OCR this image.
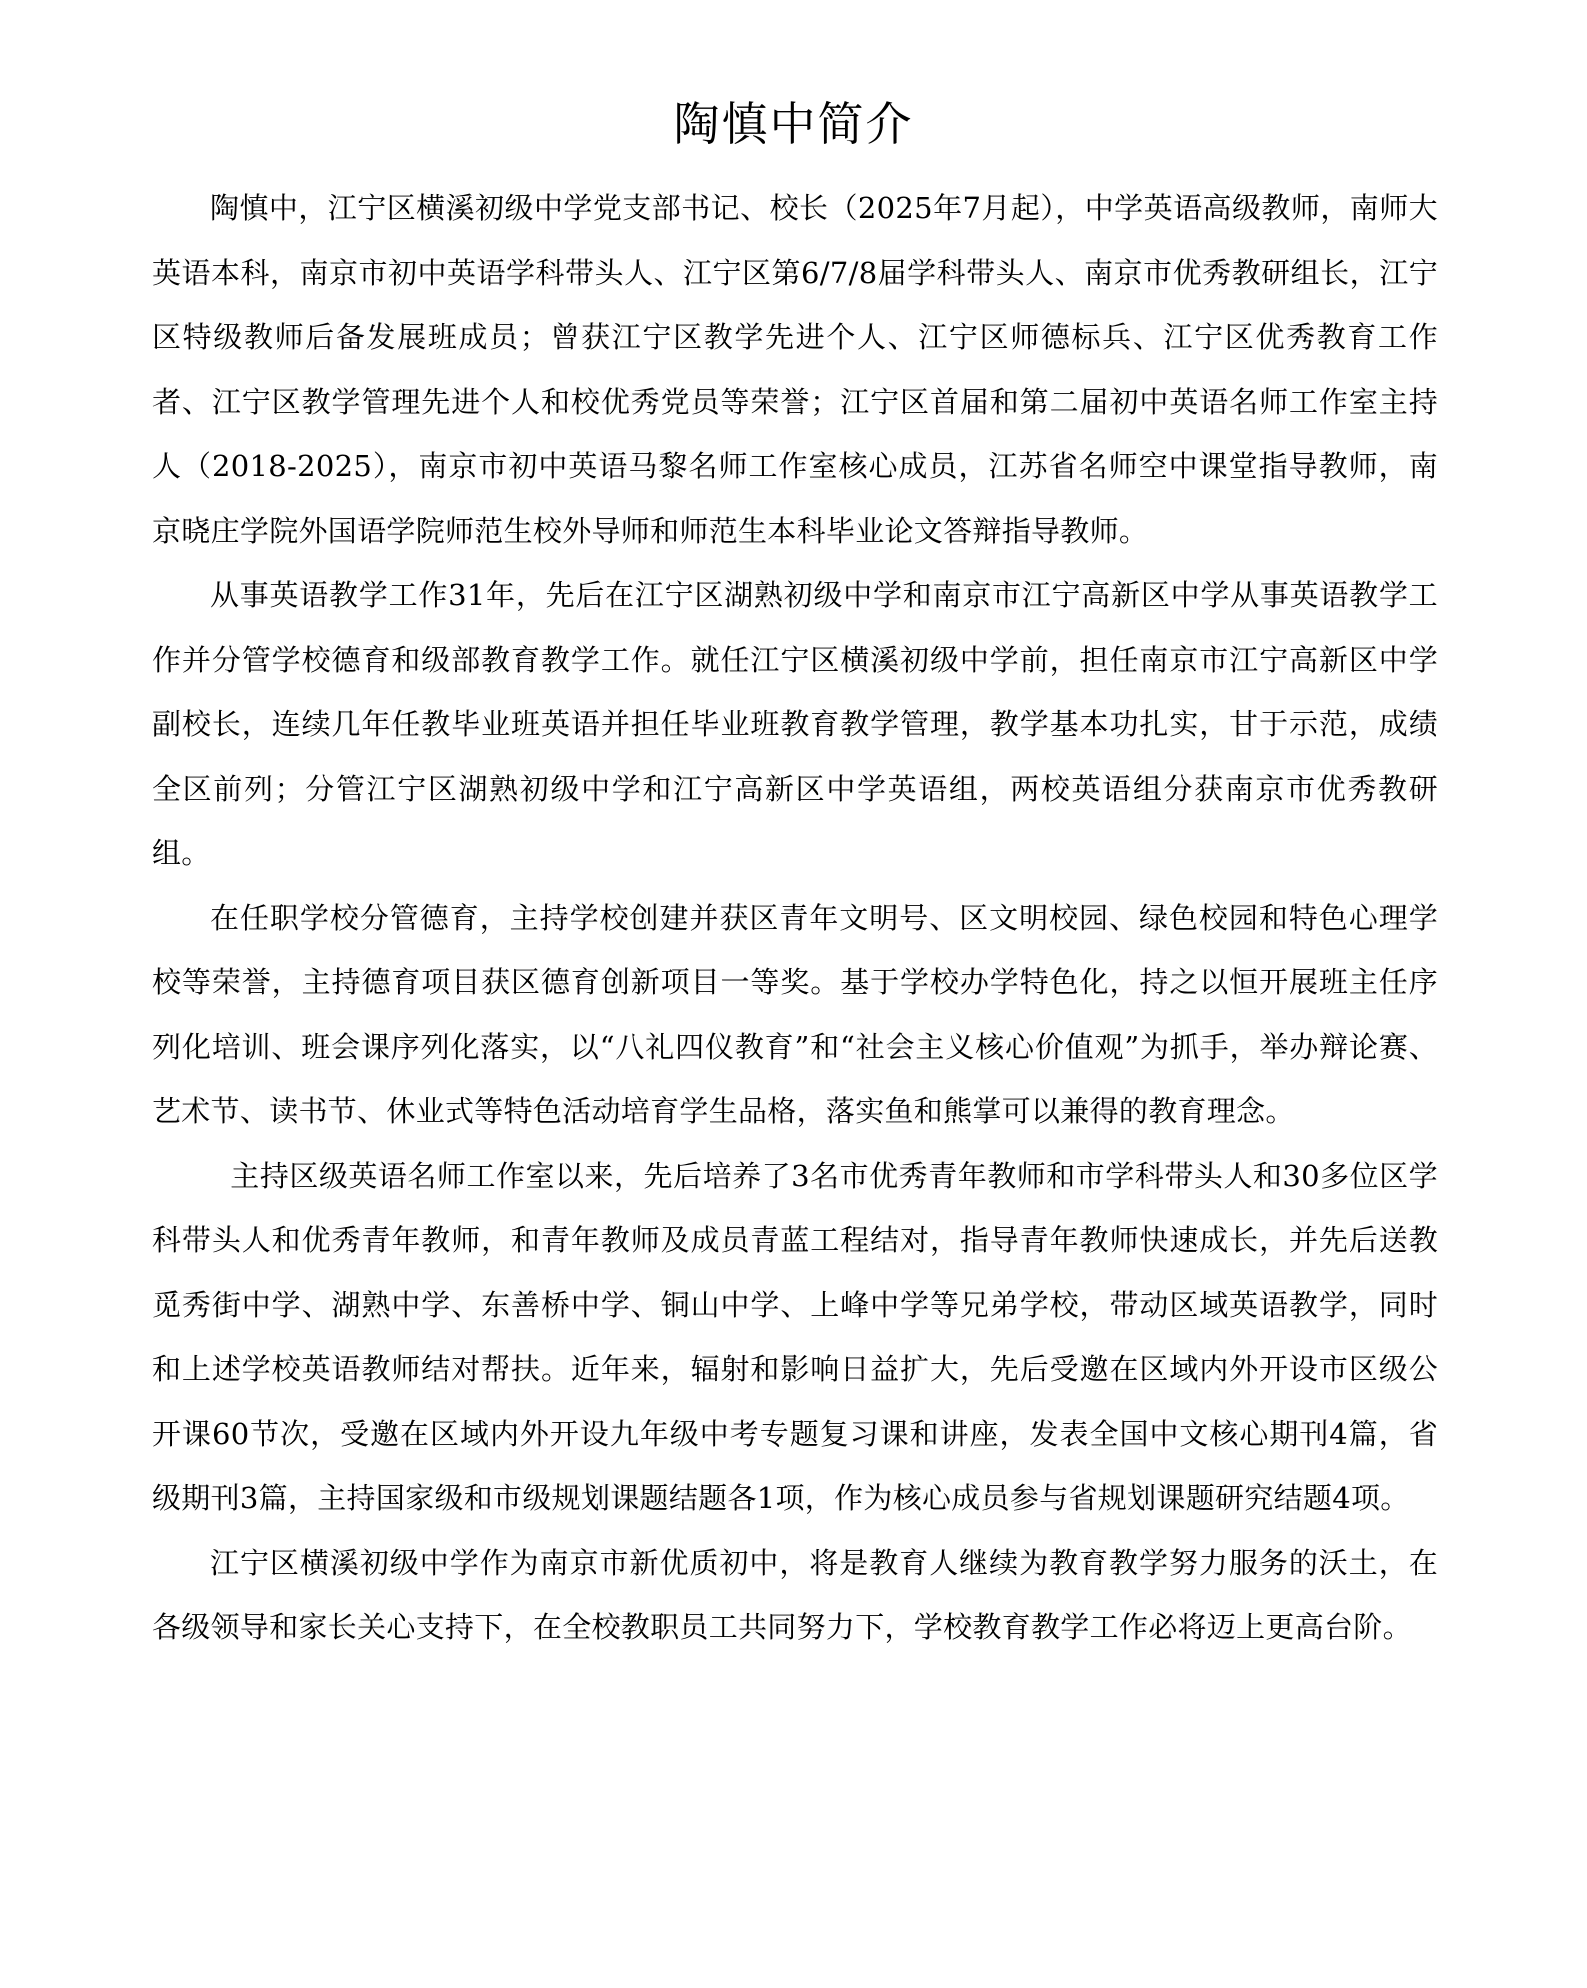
陶慎中简介

陶慎中，江宁区横溪初级中学党支部书记、校长（2025年7月起），中学英语高级教师，南师大英语本科，南京市初中英语学科带头人、江宁区第6/7/8届学科带头人、南京市优秀教研组长，江宁区特级教师后备发展班成员；曾获江宁区教学先进个人、江宁区师德标兵、江宁区优秀教育工作者、江宁区教学管理先进个人和校优秀党员等荣誉；江宁区首届和第二届初中英语名师工作室主持人（2018-2025），南京市初中英语马黎名师工作室核心成员，江苏省名师空中课堂指导教师，南京晓庄学院外国语学院师范生校外导师和师范生本科毕业论文答辩指导教师。

从事英语教学工作31年，先后在江宁区湖熟初级中学和南京市江宁高新区中学从事英语教学工作并分管学校德育和级部教育教学工作。就任江宁区横溪初级中学前，担任南京市江宁高新区中学副校长，连续几年任教毕业班英语并担任毕业班教育教学管理，教学基本功扎实，甘于示范，成绩全区前列；分管江宁区湖熟初级中学和江宁高新区中学英语组，两校英语组分获南京市优秀教研组。

在任职学校分管德育，主持学校创建并获区青年文明号、区文明校园、绿色校园和特色心理学校等荣誉，主持德育项目获区德育创新项目一等奖。基于学校办学特色化，持之以恒开展班主任序列化培训、班会课序列化落实，以“八礼四仪教育”和“社会主义核心价值观”为抓手，举办辩论赛、艺术节、读书节、休业式等特色活动培育学生品格，落实鱼和熊掌可以兼得的教育理念。

主持区级英语名师工作室以来，先后培养了3名市优秀青年教师和市学科带头人和30多位区学科带头人和优秀青年教师，和青年教师及成员青蓝工程结对，指导青年教师快速成长，并先后送教觅秀街中学、湖熟中学、东善桥中学、铜山中学、上峰中学等兄弟学校，带动区域英语教学，同时和上述学校英语教师结对帮扶。近年来，辐射和影响日益扩大，先后受邀在区域内外开设市区级公开课60节次，受邀在区域内外开设九年级中考专题复习课和讲座，发表全国中文核心期刊4篇，省级期刊3篇，主持国家级和市级规划课题结题各1项，作为核心成员参与省规划课题研究结题4项。

江宁区横溪初级中学作为南京市新优质初中，将是教育人继续为教育教学努力服务的沃土，在各级领导和家长关心支持下，在全校教职员工共同努力下，学校教育教学工作必将迈上更高台阶。
